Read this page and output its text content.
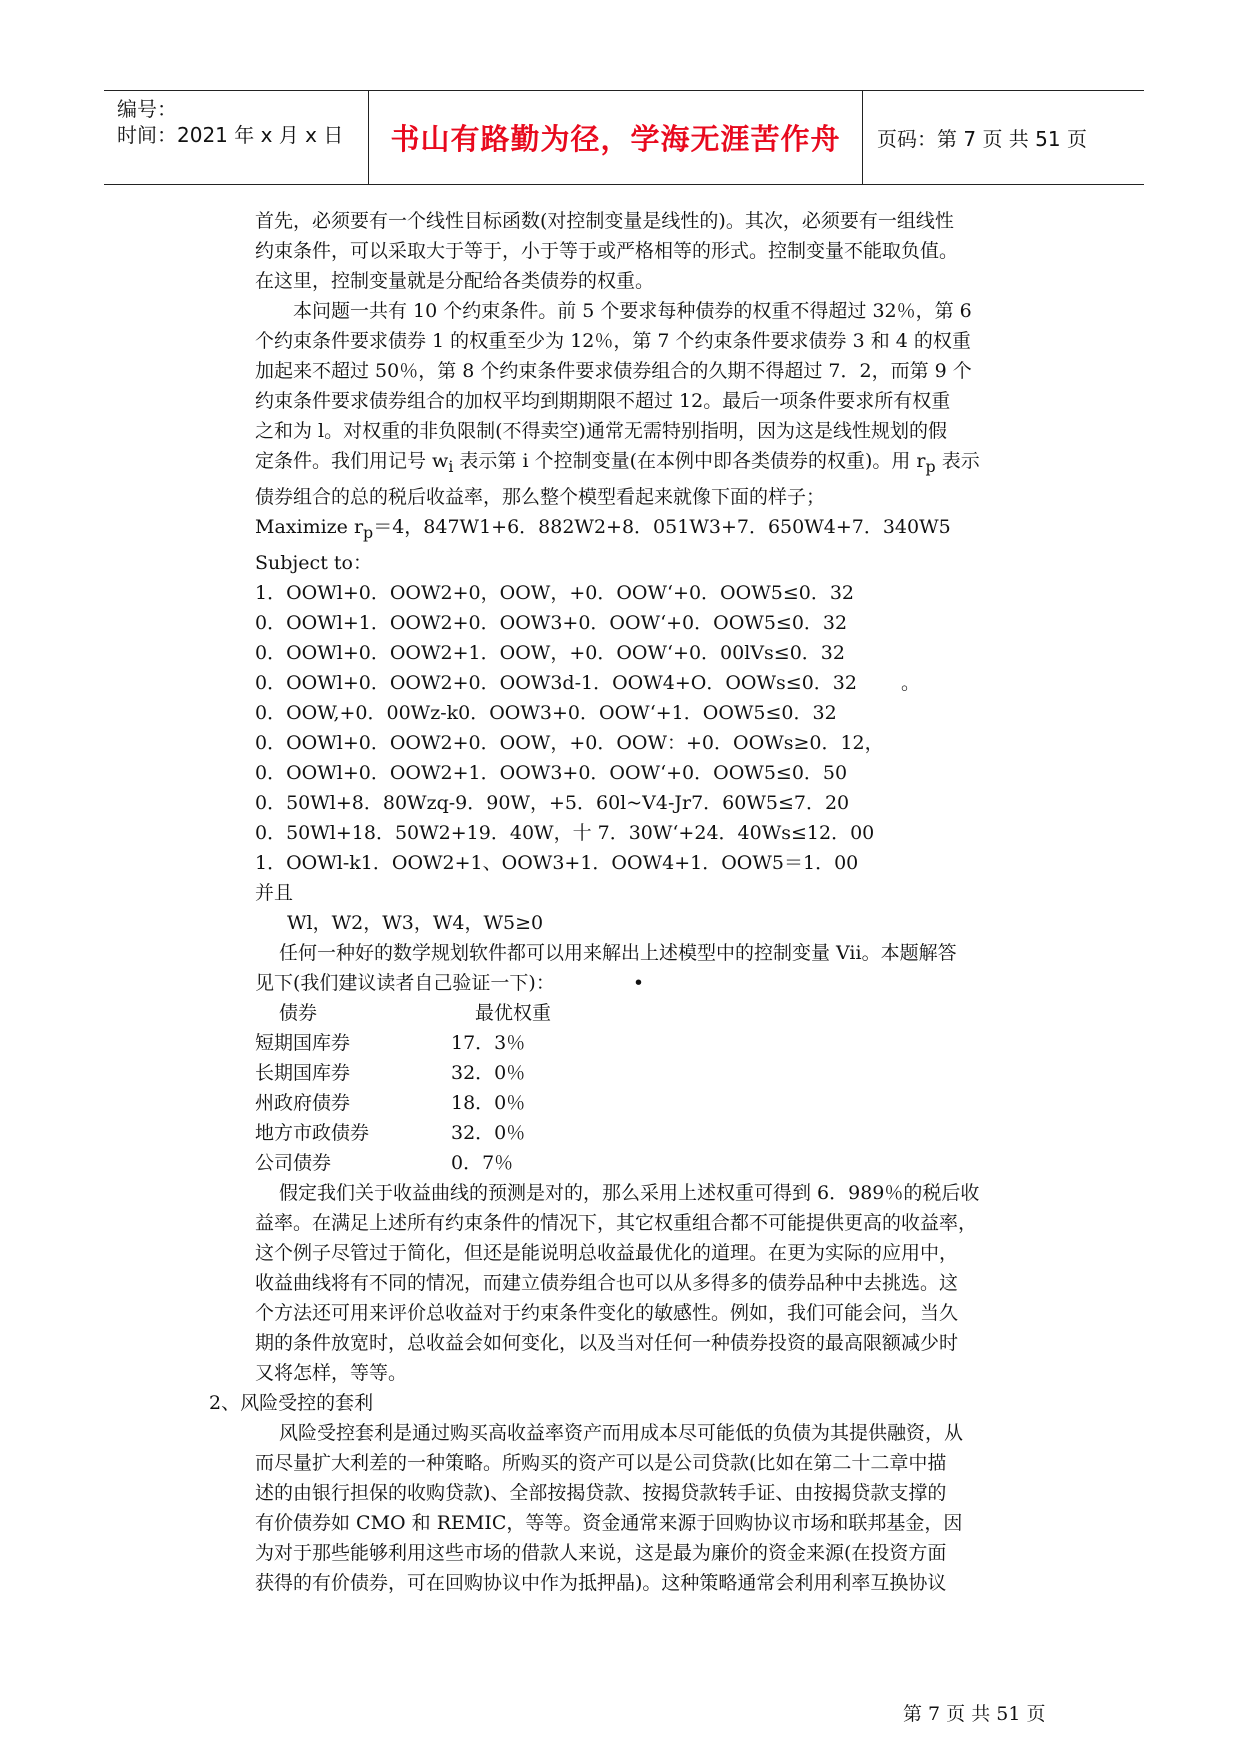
编号：
时间：2021 年 x 月 x 日 书山有路勤为径，学海无涯苦作舟 页码：第 7 页 共 51 页

首先，必须要有一个线性目标函数(对控制变量是线性的)。其次，必须要有一组线性

约束条件，可以采取大于等于，小于等于或严格相等的形式。控制变量不能取负值。

在这里，控制变量就是分配给各类债券的权重。

本问题一共有 10 个约束条件。前 5 个要求每种债券的权重不得超过 32％，第 6

个约束条件要求债券 1 的权重至少为 12％，第 7 个约束条件要求债券 3 和 4 的权重

加起来不超过 50％，第 8 个约束条件要求债券组合的久期不得超过 7．2，而第 9 个

约束条件要求债券组合的加权平均到期期限不超过 12。最后一项条件要求所有权重

之和为 l。对权重的非负限制(不得卖空)通常无需特别指明，因为这是线性规划的假

定条件。我们用记号 $w_i$ 表示第 i 个控制变量(在本例中即各类债券的权重)。用 $r_p$ 表示

债券组合的总的税后收益率，那么整个模型看起来就像下面的样子；

Maximize $r_p=4$，847W1+6．882W2+8．051W3+7．650W4+7．340W5

Subject to：

1．OOWl+0．OOW2+0，OOW，+0．OOW‘+0．OOW5≤0．32

0．OOWl+1．OOW2+0．OOW3+0．OOW‘+0．OOW5≤0．32

0．OOWl+0．OOW2+1．OOW，+0．OOW‘+0．00lVs≤0．32

0．OOWl+0．OOW2+0．OOW3d-1．OOW4+O．OOWs≤0．32 。

0．OOW,+0．00Wz-k0．OOW3+0．OOW‘+1．OOW5≤0．32

0．OOWl+0．OOW2+0．OOW，+0．OOW：+0．OOWs≥0．12，

0．OOWl+0．OOW2+1．OOW3+0．OOW‘+0．OOW5≤0．50

0．50Wl+8．80Wzq-9．90W，+5．60l~V4-Jr7．60W5≤7．20

0．50Wl+18．50W2+19．40W，十 7．30W‘+24．40Ws≤12．00

1．OOWl-k1．OOW2+1、OOW3+1．OOW4+1．OOW5＝1．00

并且

Wl，W2，W3，W4，W5≥0

任何一种好的数学规划软件都可以用来解出上述模型中的控制变量 Vii。本题解答

见下(我们建议读者自己验证一下)：	•

债券	最优权重
短期国库券	17．3％
长期国库券	32．0％
州政府债券	18．0％
地方市政债券	32．0％
公司债券	0．7％

假定我们关于收益曲线的预测是对的，那么采用上述权重可得到 6．989％的税后收

益率。在满足上述所有约束条件的情况下，其它权重组合都不可能提供更高的收益率，

这个例子尽管过于简化，但还是能说明总收益最优化的道理。在更为实际的应用中，

收益曲线将有不同的情况，而建立债券组合也可以从多得多的债券品种中去挑选。这

个方法还可用来评价总收益对于约束条件变化的敏感性。例如，我们可能会问，当久

期的条件放宽时，总收益会如何变化，以及当对任何一种债券投资的最高限额减少时

又将怎样，等等。

2、风险受控的套利

风险受控套利是通过购买高收益率资产而用成本尽可能低的负债为其提供融资，从

而尽量扩大利差的一种策略。所购买的资产可以是公司贷款(比如在第二十二章中描

述的由银行担保的收购贷款)、全部按揭贷款、按揭贷款转手证、由按揭贷款支撑的

有价债券如 CMO 和 REMIC，等等。资金通常来源于回购协议市场和联邦基金，因

为对于那些能够利用这些市场的借款人来说，这是最为廉价的资金来源(在投资方面

获得的有价债券，可在回购协议中作为抵押晶)。这种策略通常会利用利率互换协议

第 7 页 共 51 页
